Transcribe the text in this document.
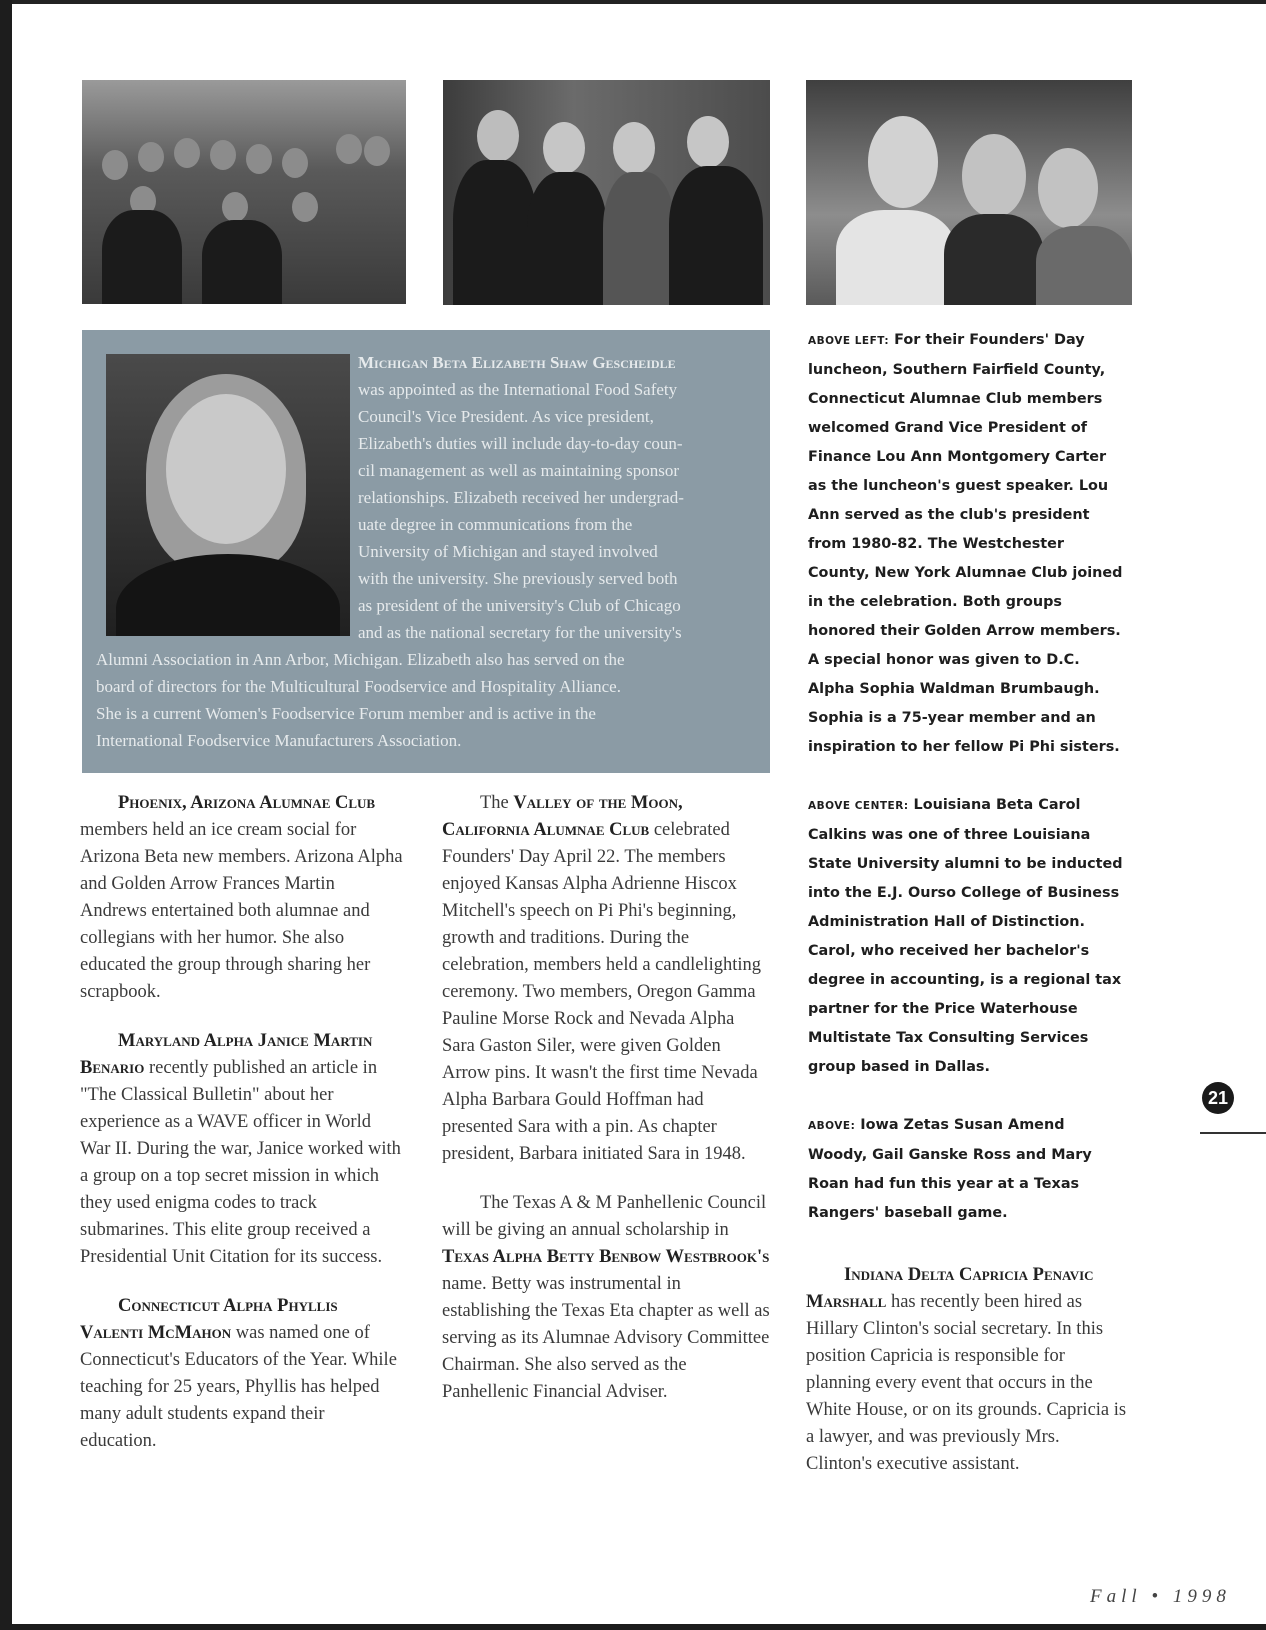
Michigan Beta Elizabeth Shaw Gescheidle
was appointed as the International Food Safety
Council's Vice President. As vice president,
Elizabeth's duties will include day-to-day coun-
cil management as well as maintaining sponsor
relationships. Elizabeth received her undergrad-
uate degree in communications from the
University of Michigan and stayed involved
with the university. She previously served both
as president of the university's Club of Chicago
and as the national secretary for the university's
Alumni Association in Ann Arbor, Michigan. Elizabeth also has served on the
board of directors for the Multicultural Foodservice and Hospitality Alliance.
She is a current Women's Foodservice Forum member and is active in the
International Foodservice Manufacturers Association.

ABOVE LEFT: For their Founders' Day luncheon, Southern Fairfield County, Connecticut Alumnae Club members welcomed Grand Vice President of Finance Lou Ann Montgomery Carter as the luncheon's guest speaker. Lou Ann served as the club's president from 1980-82. The Westchester County, New York Alumnae Club joined in the celebration. Both groups honored their Golden Arrow members. A special honor was given to D.C. Alpha Sophia Waldman Brumbaugh. Sophia is a 75-year member and an inspiration to her fellow Pi Phi sisters.

ABOVE CENTER: Louisiana Beta Carol Calkins was one of three Louisiana State University alumni to be inducted into the E.J. Ourso College of Business Administration Hall of Distinction. Carol, who received her bachelor's degree in accounting, is a regional tax partner for the Price Waterhouse Multistate Tax Consulting Services group based in Dallas.

ABOVE: Iowa Zetas Susan Amend Woody, Gail Ganske Ross and Mary Roan had fun this year at a Texas Rangers' baseball game.

Phoenix, Arizona Alumnae Club members held an ice cream social for Arizona Beta new members. Arizona Alpha and Golden Arrow Frances Martin Andrews entertained both alumnae and collegians with her humor. She also educated the group through sharing her scrapbook.

Maryland Alpha Janice Martin Benario recently published an article in "The Classical Bulletin" about her experience as a WAVE officer in World War II. During the war, Janice worked with a group on a top secret mission in which they used enigma codes to track submarines. This elite group received a Presidential Unit Citation for its success.

Connecticut Alpha Phyllis Valenti McMahon was named one of Connecticut's Educators of the Year. While teaching for 25 years, Phyllis has helped many adult students expand their education.

The Valley of the Moon, California Alumnae Club celebrated Founders' Day April 22. The members enjoyed Kansas Alpha Adrienne Hiscox Mitchell's speech on Pi Phi's beginning, growth and traditions. During the celebration, members held a candlelighting ceremony. Two members, Oregon Gamma Pauline Morse Rock and Nevada Alpha Sara Gaston Siler, were given Golden Arrow pins. It wasn't the first time Nevada Alpha Barbara Gould Hoffman had presented Sara with a pin. As chapter president, Barbara initiated Sara in 1948.

The Texas A & M Panhellenic Council will be giving an annual scholarship in Texas Alpha Betty Benbow Westbrook's name. Betty was instrumental in establishing the Texas Eta chapter as well as serving as its Alumnae Advisory Committee Chairman. She also served as the Panhellenic Financial Adviser.

Indiana Delta Capricia Penavic Marshall has recently been hired as Hillary Clinton's social secretary. In this position Capricia is responsible for planning every event that occurs in the White House, or on its grounds. Capricia is a lawyer, and was previously Mrs. Clinton's executive assistant.

21
Fall • 1998
